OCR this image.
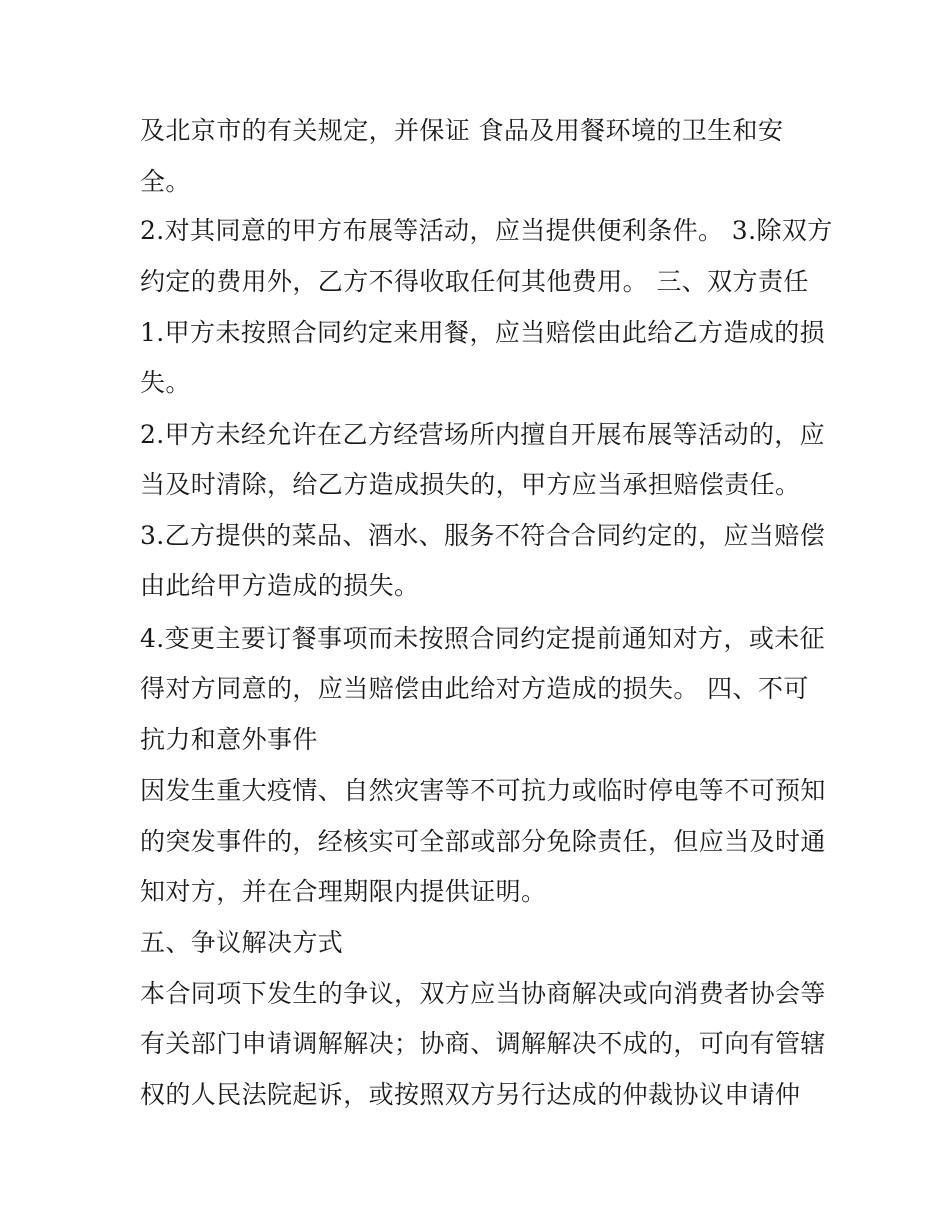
及北京市的有关规定，并保证 食品及用餐环境的卫生和安
全。
2.对其同意的甲方布展等活动，应当提供便利条件。 3.除双方
约定的费用外，乙方不得收取任何其他费用。 三、双方责任
1.甲方未按照合同约定来用餐，应当赔偿由此给乙方造成的损
失。
2.甲方未经允许在乙方经营场所内擅自开展布展等活动的，应
当及时清除，给乙方造成损失的，甲方应当承担赔偿责任。
3.乙方提供的菜品、酒水、服务不符合合同约定的，应当赔偿
由此给甲方造成的损失。
4.变更主要订餐事项而未按照合同约定提前通知对方，或未征
得对方同意的，应当赔偿由此给对方造成的损失。 四、不可
抗力和意外事件
因发生重大疫情、自然灾害等不可抗力或临时停电等不可预知
的突发事件的，经核实可全部或部分免除责任，但应当及时通
知对方，并在合理期限内提供证明。
五、争议解决方式
本合同项下发生的争议，双方应当协商解决或向消费者协会等
有关部门申请调解解决；协商、调解解决不成的，可向有管辖
权的人民法院起诉，或按照双方另行达成的仲裁协议申请仲
